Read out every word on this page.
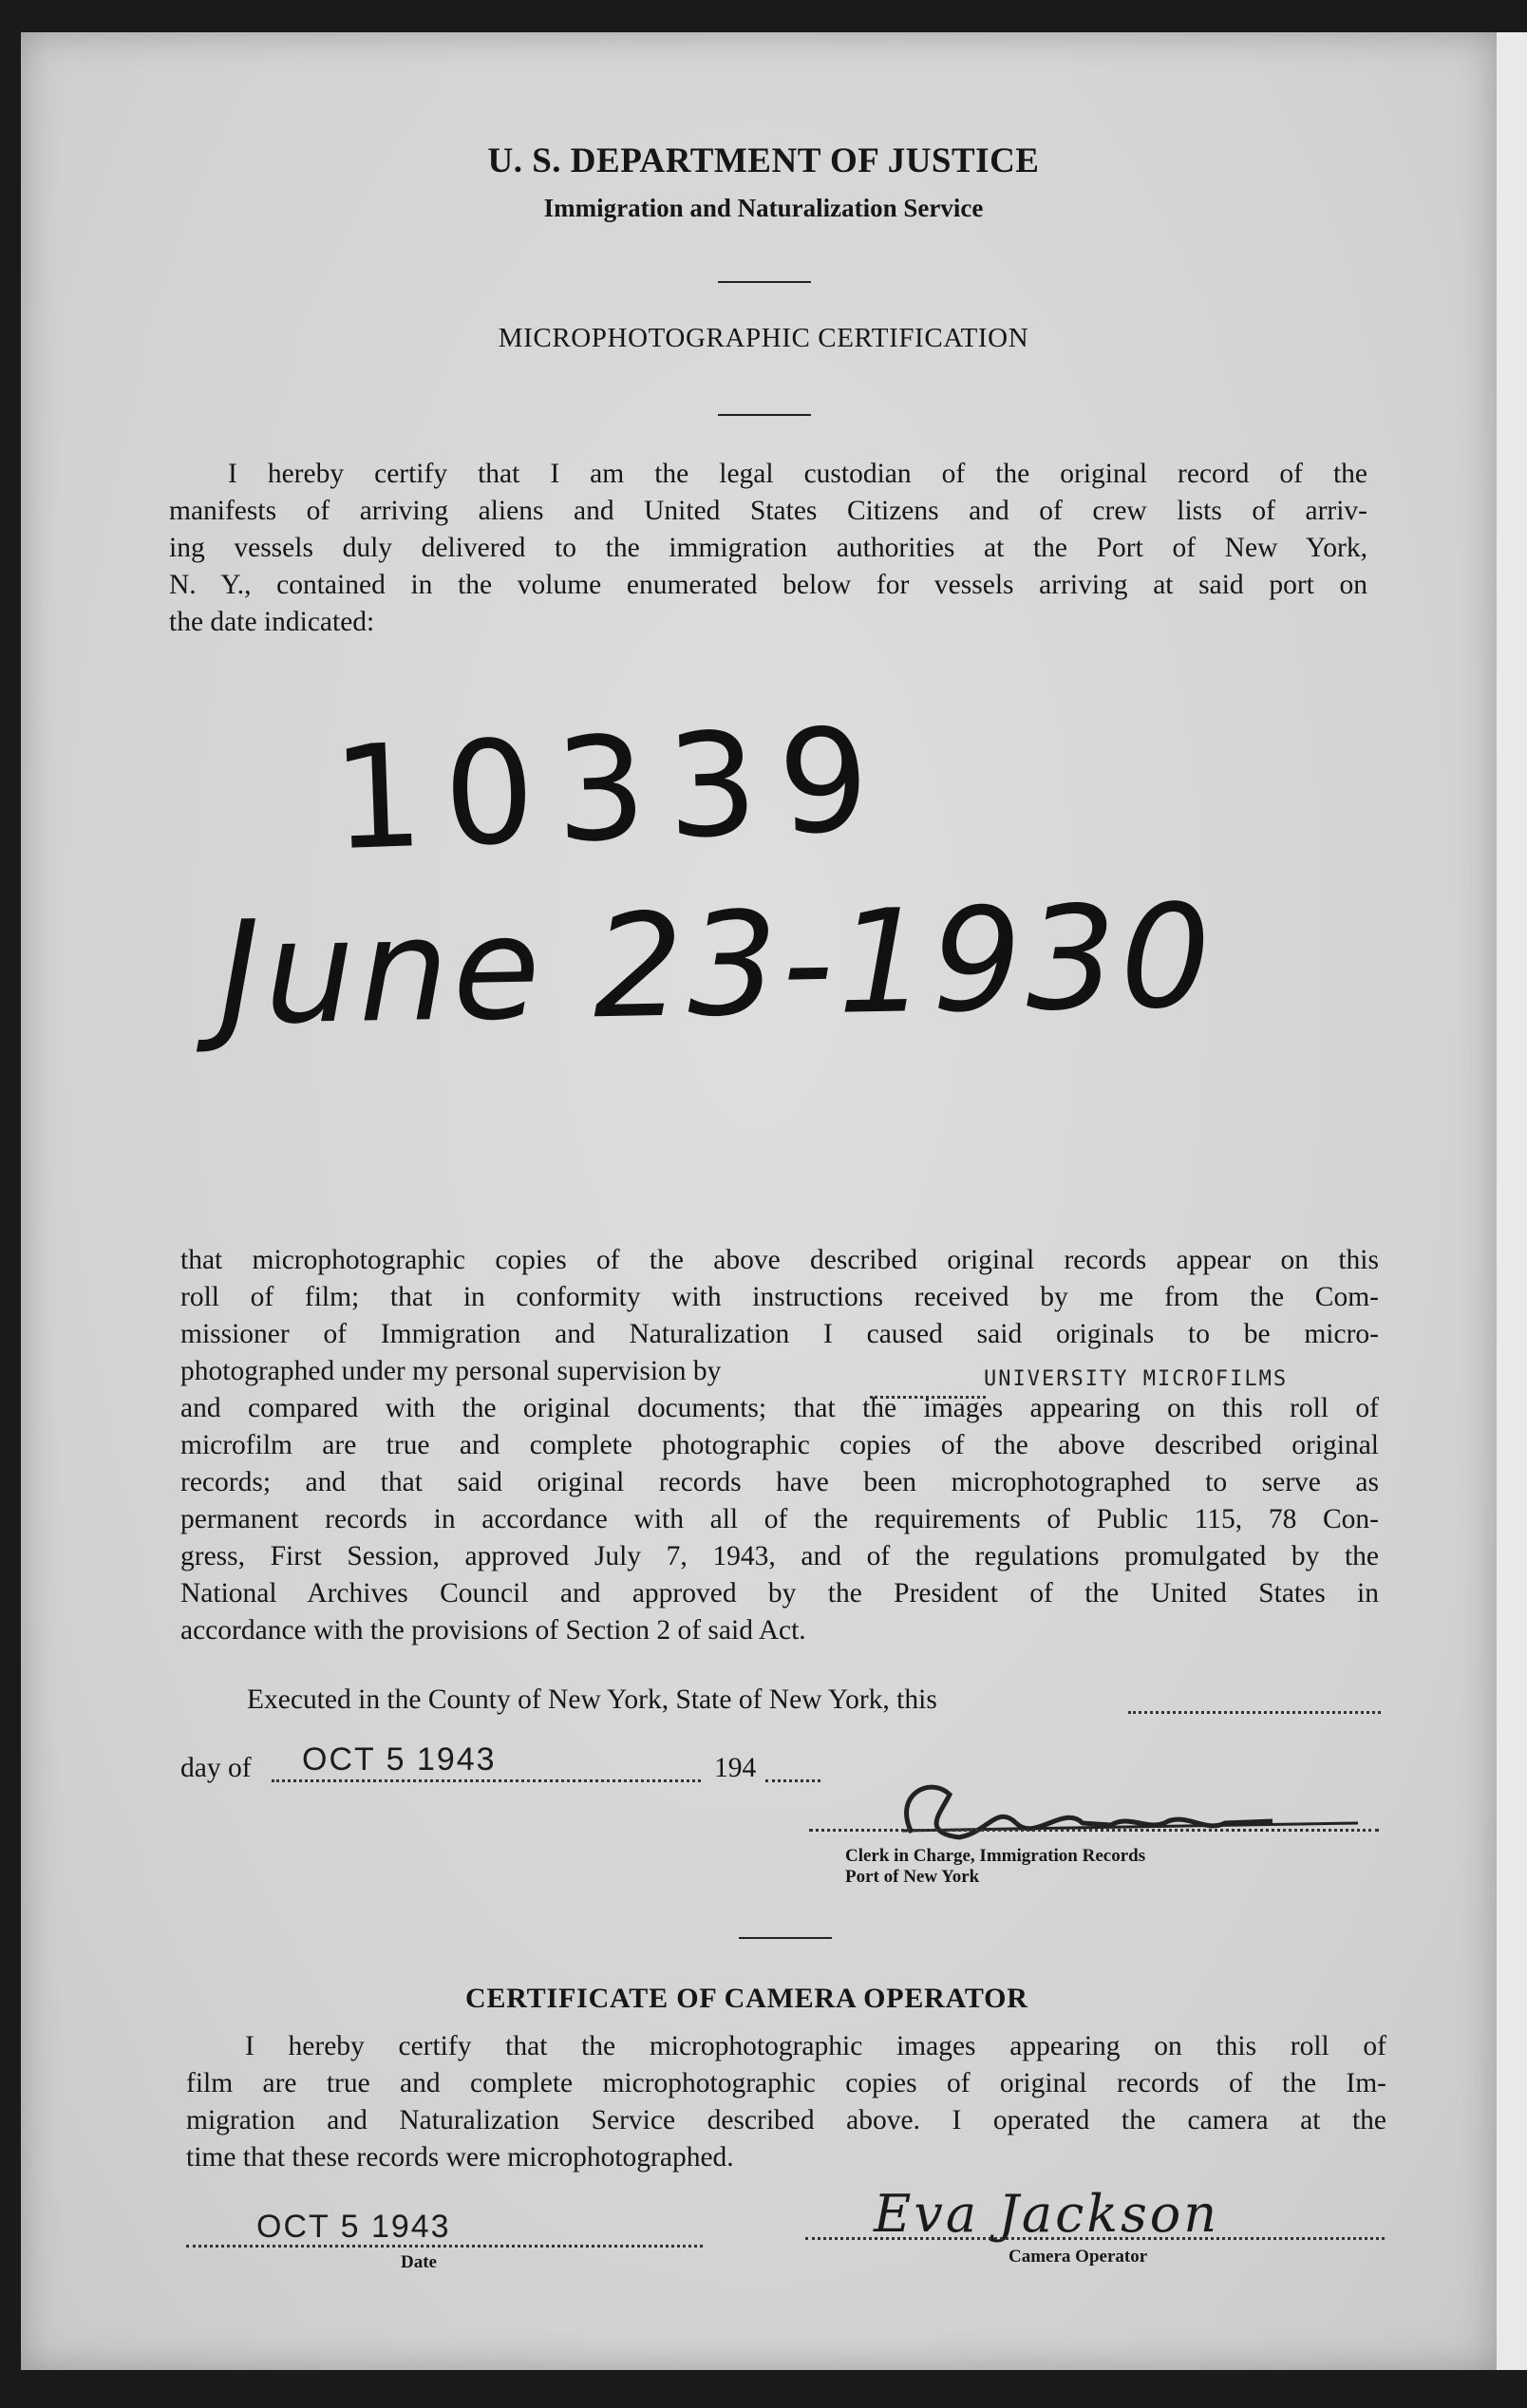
U. S. DEPARTMENT OF JUSTICE
Immigration and Naturalization Service
MICROPHOTOGRAPHIC CERTIFICATION
I hereby certify that I am the legal custodian of the original record of the
manifests of arriving aliens and United States Citizens and of crew lists of arriv-
ing vessels duly delivered to the immigration authorities at the Port of New York,
N. Y., contained in the volume enumerated below for vessels arriving at said port on
the date indicated:
10339
June 23-1930
that microphotographic copies of the above described original records appear on this
roll of film; that in conformity with instructions received by me from the Com-
missioner of Immigration and Naturalization I caused said originals to be micro-
photographed under my personal supervision by
and compared with the original documents; that the images appearing on this roll of
microfilm are true and complete photographic copies of the above described original
records; and that said original records have been microphotographed to serve as
permanent records in accordance with all of the requirements of Public 115, 78 Con-
gress, First Session, approved July 7, 1943, and of the regulations promulgated by the
National Archives Council and approved by the President of the United States in
accordance with the provisions of Section 2 of said Act.
UNIVERSITY MICROFILMS
Executed in the County of New York, State of New York, this
day of OCT 5 1943	194
Clerk in Charge, Immigration Records
Port of New York
CERTIFICATE OF CAMERA OPERATOR
I hereby certify that the microphotographic images appearing on this roll of
film are true and complete microphotographic copies of original records of the Im-
migration and Naturalization Service described above. I operated the camera at the
time that these records were microphotographed.
OCT 5 1943
Date
Eva Jackson
Camera Operator
